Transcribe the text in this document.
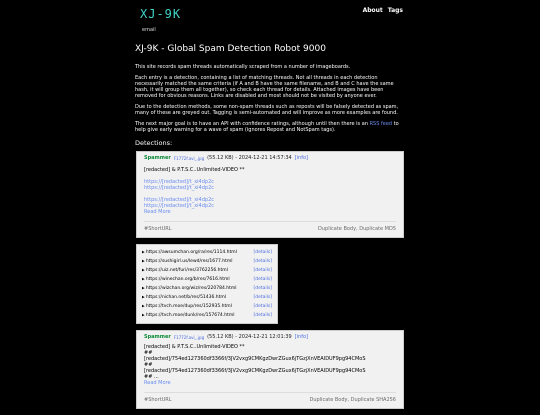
XJ-9K
email
About Tags
XJ-9K - Global Spam Detection Robot 9000

This site records spam threads automatically scraped from a number of imageboards.

Each entry is a detection, containing a list of matching threads. Not all threads in each detection necessarily matched the same criteria (if A and B have the same filename, and B and C have the same hash, it will group them all together), so check each thread for details. Attached images have been removed for obvious reasons. Links are disabled and most should not be visited by anyone ever.

Due to the detection methods, some non-spam threads such as reposts will be falsely detected as spam, many of these are greyed out. Tagging is semi-automated and will improve as more examples are found.

The next major goal is to have an API with confidence ratings, although until then there is an RSS feed to help give early warning for a wave of spam (ignores Repost and NotSpam tags).

Detections:
Spammer F1772f.avi_.jpg (55.12 KB) - 2024-12-21 14:57:34 [info]
[redacted] & P.T.S.C..Unlimited-VIDEO **

https://[redacted]/t_xi4dp2c
https://[redacted]/t_xi4dp2c

https://[redacted]/t_xi4dp2c
https://[redacted]/t_xi4dp2c
Read More
#ShortURL	Duplicate Body, Duplicate MD5
▶ https://awsumchan.org/ra/res/1114.html	[details]
▶ https://sushigirl.us/lewd/res/1677.html	[details]
▶ https://uiz.net/furi/res/3762256.html	[details]
▶ https://winechan.org/b/res/7616.html	[details]
▶ https://wizchan.org/wiz/res/220784.html	[details]
▶ https://nichan.net/b/res/51436.html	[details]
▶ https://tvch.moe/dup/res/152935.html	[details]
▶ https://tvch.moe/dunk/res/157674.html	[details]
Spammer F1772f.avi_.jpg (55.12 KB) - 2024-12-21 12:01:39 [info]
[redacted] & P.T.S.C..Unlimited-VIDEO **
##
[redacted]/754ed127360df3366f/3JV2vxg9CMKgzDwrZGux6jTGzjXnVEAIDUF9pg94CMoS
##
[redacted]/754ed127360df3366f/3JV2vxg9CMKgzDwrZGux6jTGzjXnVEAIDUF9pg94CMoS
## ...
Read More
#ShortURL	Duplicate Body, Duplicate SHA256
